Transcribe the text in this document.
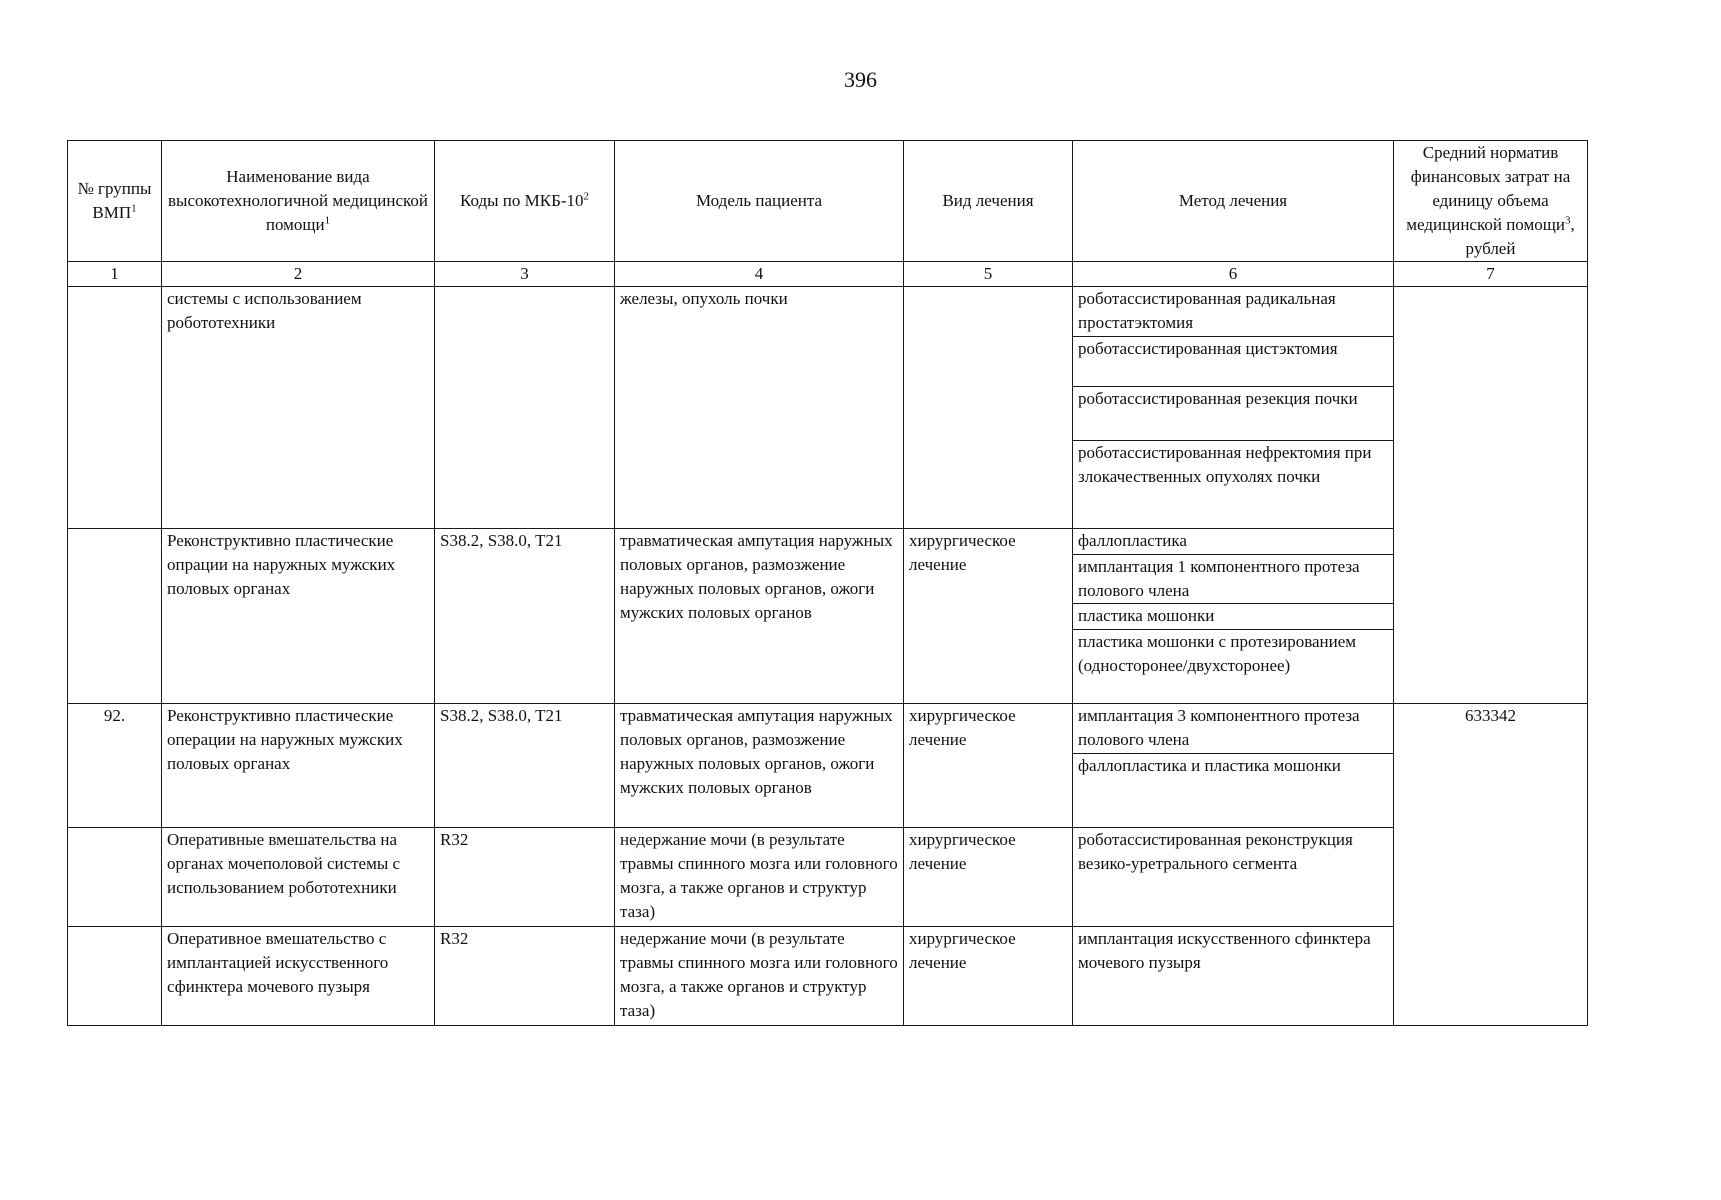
396
№ группы ВМП$^1$	Наименование вида высокотехнологичной медицинской помощи$^1$	Коды по МКБ-$10^2$	Модель пациента	Вид лечения	Метод лечения	Средний норматив финансовых затрат на единицу объема медицинской помощи$^3$, рублей
1	2	3	4	5	6	7
	системы с использованием робототехники		железы, опухоль почки		роботассистированная радикальная простатэктомия
роботассистированная цистэктомия
роботассистированная резекция почки
роботассистированная нефректомия при злокачественных опухолях почки	

	Реконструктивно пластические опрации на наружных мужских половых органах	S38.2, S38.0, T21	травматическая ампутация наружных половых органов, размозжение наружных половых органов, ожоги мужских половых органов	хирургическое лечение	фаллопластика
имплантация 1 компонентного протеза полового члена
пластика мошонки
пластика мошонки с протезированием (односторонее/двухсторонее)	

92.	Реконструктивно пластические операции на наружных мужских половых органах	S38.2, S38.0, T21	травматическая ампутация наружных половых органов, размозжение наружных половых органов, ожоги мужских половых органов	хирургическое лечение	имплантация 3 компонентного протеза полового члена
фаллопластика и пластика мошонки	633342
	Оперативные вмешательства на органах мочеполовой системы с использованием робототехники	R32	недержание мочи (в результате травмы спинного мозга или головного мозга, а также органов и структур таза)	хирургическое лечение	роботассистированная реконструкция везико-уретрального сегмента	

	Оперативное вмешательство с имплантацией искусственного сфинктера мочевого пузыря	R32	недержание мочи (в результате травмы спинного мозга или головного мозга, а также органов и структур таза)	хирургическое лечение	имплантация искусственного сфинктера мочевого пузыря	
